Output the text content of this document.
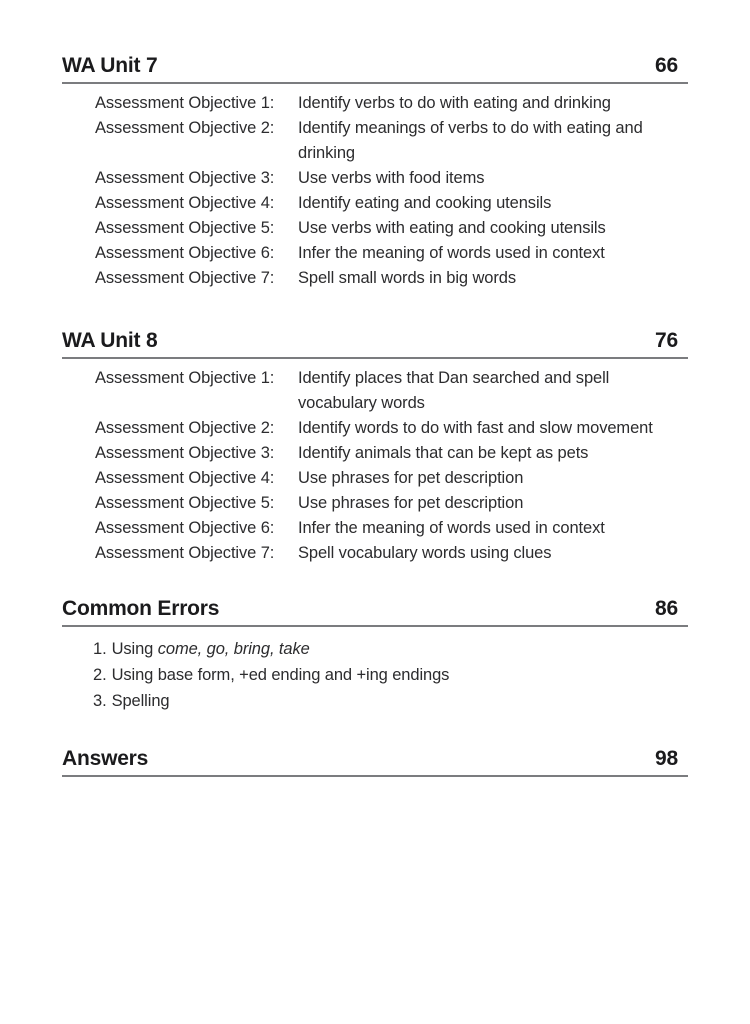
WA Unit 7	66
Assessment Objective 1:	Identify verbs to do with eating and drinking
Assessment Objective 2:	Identify meanings of verbs to do with eating and
drinking
Assessment Objective 3:	Use verbs with food items
Assessment Objective 4:	Identify eating and cooking utensils
Assessment Objective 5:	Use verbs with eating and cooking utensils
Assessment Objective 6:	Infer the meaning of words used in context
Assessment Objective 7:	Spell small words in big words
WA Unit 8	76
Assessment Objective 1:	Identify places that Dan searched and spell
vocabulary words
Assessment Objective 2:	Identify words to do with fast and slow movement
Assessment Objective 3:	Identify animals that can be kept as pets
Assessment Objective 4:	Use phrases for pet description
Assessment Objective 5:	Use phrases for pet description
Assessment Objective 6:	Infer the meaning of words used in context
Assessment Objective 7:	Spell vocabulary words using clues
Common Errors	86
1. Using come, go, bring, take
2. Using base form, +ed ending and +ing endings
3. Spelling
Answers	98
